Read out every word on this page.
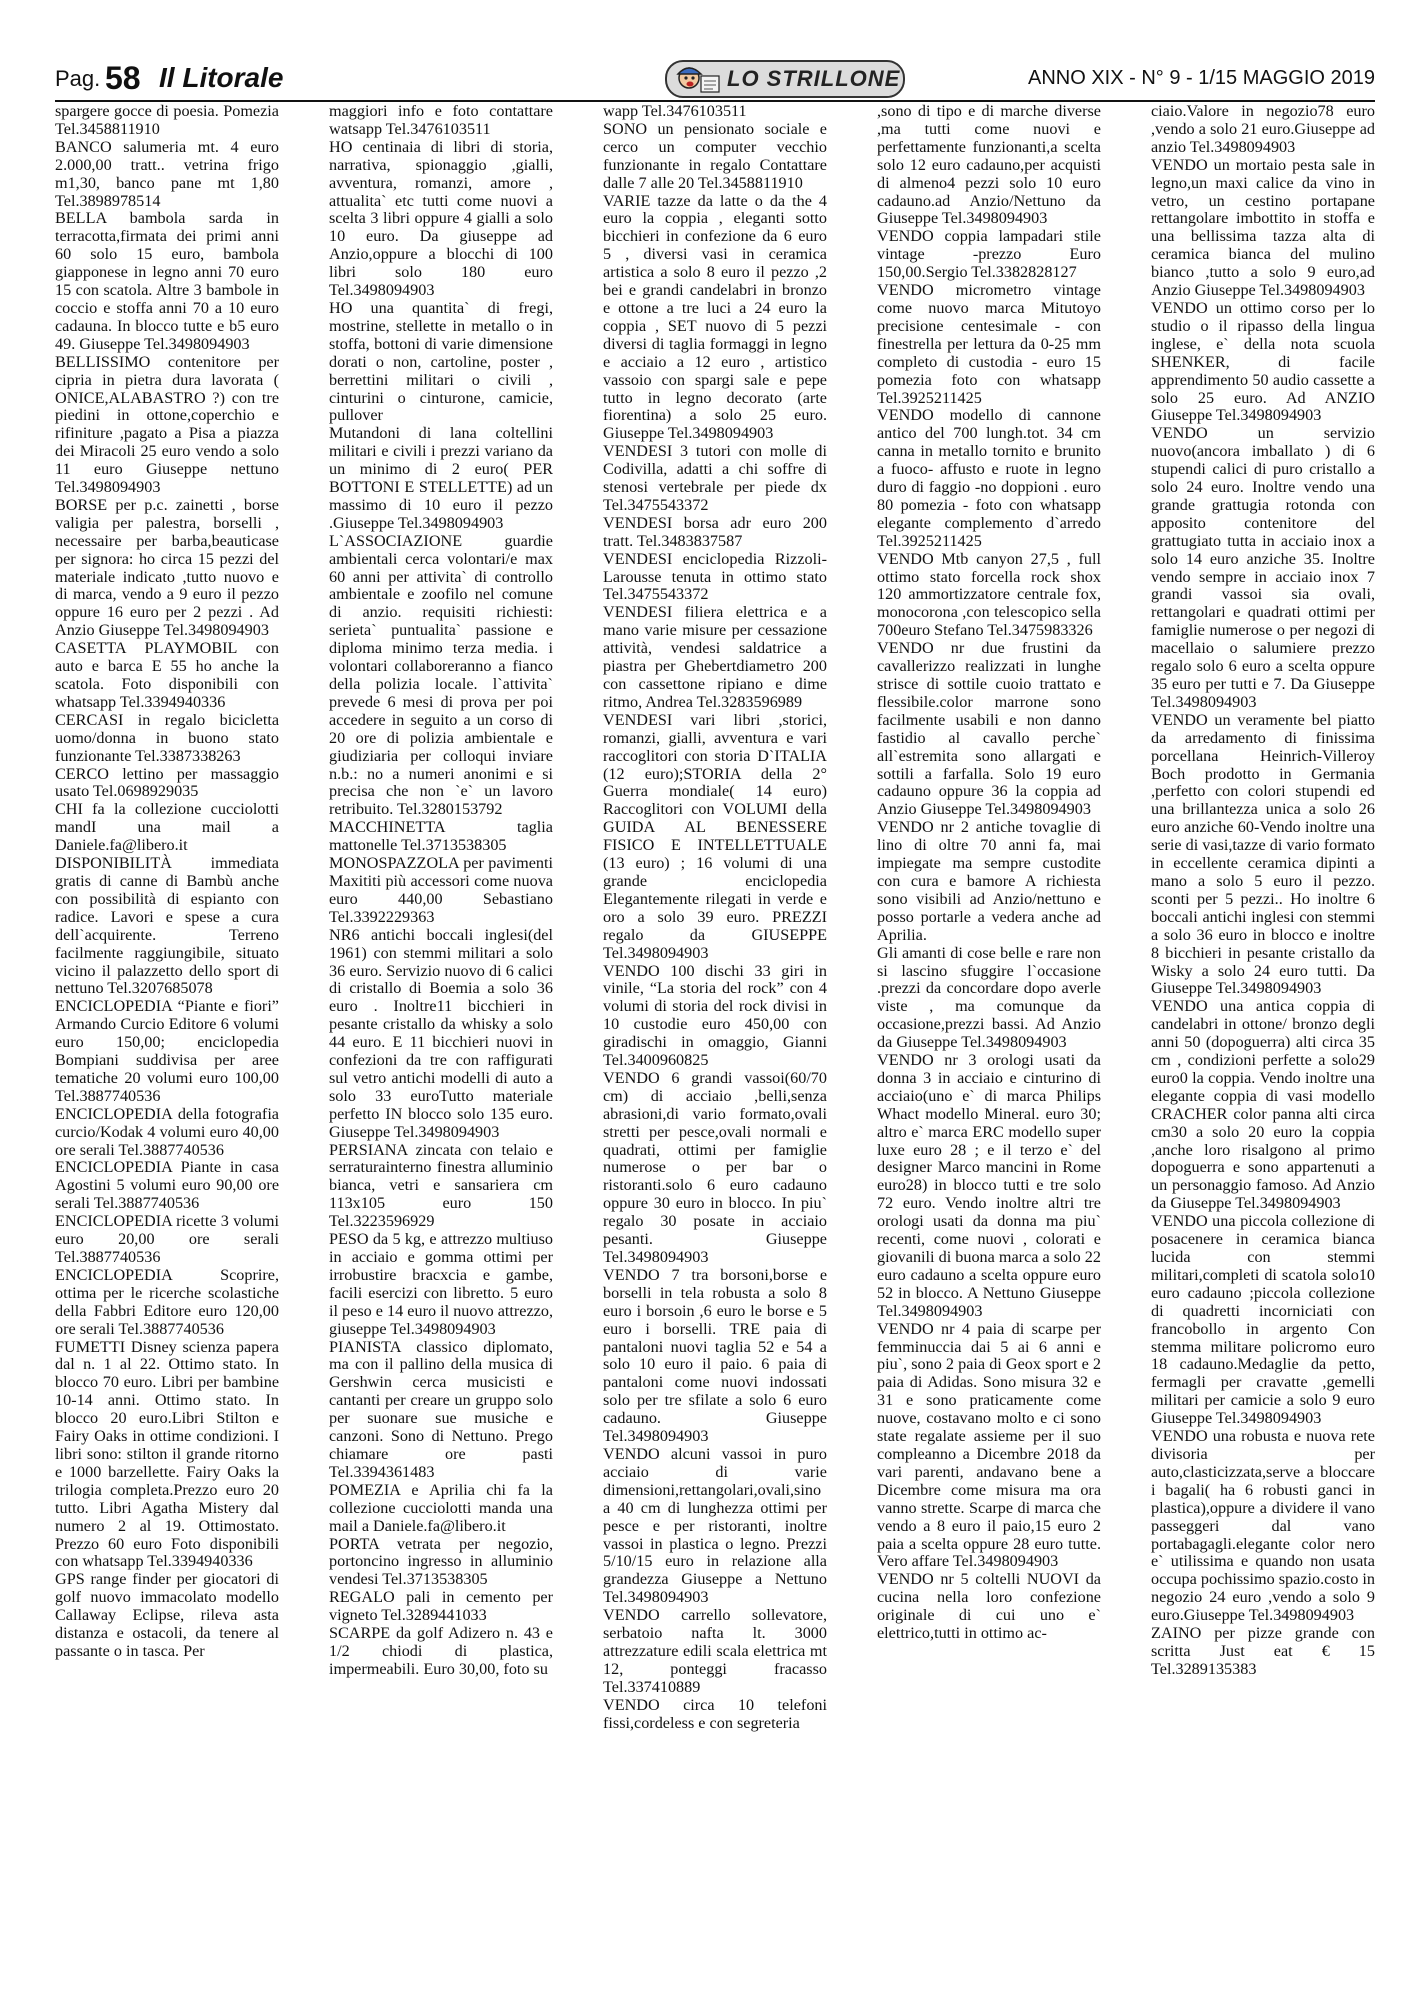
Pag. 58 Il Litorale	LO STRILLONE	ANNO XIX - N° 9 - 1/15 MAGGIO 2019

spargere gocce di poesia. Pomezia Tel.3458811910

BANCO salumeria mt. 4 euro 2.000,00 tratt.. vetrina frigo m1,30, banco pane mt 1,80 Tel.3898978514

BELLA bambola sarda in terracotta,firmata dei primi anni 60 solo 15 euro, bambola giapponese in legno anni 70 euro 15 con scatola. Altre 3 bambole in coccio e stoffa anni 70 a 10 euro cadauna. In blocco tutte e b5 euro 49. Giuseppe Tel.3498094903

BELLISSIMO contenitore per cipria in pietra dura lavorata ( ONICE,ALABASTRO ?) con tre piedini in ottone,coperchio e rifiniture ,pagato a Pisa a piazza dei Miracoli 25 euro vendo a solo 11 euro Giuseppe nettuno Tel.3498094903

BORSE per p.c. zainetti , borse valigia per palestra, borselli , necessaire per barba,beauticase per signora: ho circa 15 pezzi del materiale indicato ,tutto nuovo e di marca, vendo a 9 euro il pezzo oppure 16 euro per 2 pezzi . Ad Anzio Giuseppe Tel.3498094903

CASETTA PLAYMOBIL con auto e barca E 55 ho anche la scatola. Foto disponibili con whatsapp Tel.3394940336

CERCASI in regalo bicicletta uomo/donna in buono stato funzionante Tel.3387338263

CERCO lettino per massaggio usato Tel.0698929035

CHI fa la collezione cucciolotti mandI una mail a Daniele.fa@libero.it

DISPONIBILITÀ immediata gratis di canne di Bambù anche con possibilità di espianto con radice. Lavori e spese a cura dell`acquirente. Terreno facilmente raggiungibile, situato vicino il palazzetto dello sport di nettuno Tel.3207685078

ENCICLOPEDIA “Piante e fiori” Armando Curcio Editore 6 volumi euro 150,00; enciclopedia Bompiani suddivisa per aree tematiche 20 volumi euro 100,00 Tel.3887740536

ENCICLOPEDIA della fotografia curcio/Kodak 4 volumi euro 40,00 ore serali Tel.3887740536

ENCICLOPEDIA Piante in casa Agostini 5 volumi euro 90,00 ore serali Tel.3887740536

ENCICLOPEDIA ricette 3 volumi euro 20,00 ore serali Tel.3887740536

ENCICLOPEDIA Scoprire, ottima per le ricerche scolastiche della Fabbri Editore euro 120,00 ore serali Tel.3887740536

FUMETTI Disney scienza papera dal n. 1 al 22. Ottimo stato. In blocco 70 euro. Libri per bambine 10-14 anni. Ottimo stato. In blocco 20 euro.Libri Stilton e Fairy Oaks in ottime condizioni. I libri sono: stilton il grande ritorno e 1000 barzellette. Fairy Oaks la trilogia completa.Prezzo euro 20 tutto. Libri Agatha Mistery dal numero 2 al 19. Ottimostato. Prezzo 60 euro Foto disponibili con whatsapp Tel.3394940336

GPS range finder per giocatori di golf nuovo immacolato modello Callaway Eclipse, rileva asta distanza e ostacoli, da tenere al passante o in tasca. Per

maggiori info e foto contattare watsapp Tel.3476103511

HO centinaia di libri di storia, narrativa, spionaggio ,gialli, avventura, romanzi, amore , attualita` etc tutti come nuovi a scelta 3 libri oppure 4 gialli a solo 10 euro. Da giuseppe ad Anzio,oppure a blocchi di 100 libri solo 180 euro Tel.3498094903

HO una quantita` di fregi, mostrine, stellette in metallo o in stoffa, bottoni di varie dimensione dorati o non, cartoline, poster , berrettini militari o civili , cinturini o cinturone, camicie, pullover

Mutandoni di lana coltellini militari e civili i prezzi variano da un minimo di 2 euro( PER BOTTONI E STELLETTE) ad un massimo di 10 euro il pezzo .Giuseppe Tel.3498094903

L`ASSOCIAZIONE guardie ambientali cerca volontari/e max 60 anni per attivita` di controllo ambientale e zoofilo nel comune di anzio. requisiti richiesti: serieta` puntualita` passione e diploma minimo terza media. i volontari collaboreranno a fianco della polizia locale. l`attivita` prevede 6 mesi di prova per poi accedere in seguito a un corso di 20 ore di polizia ambientale e giudiziaria per colloqui inviare n.b.: no a numeri anonimi e si precisa che non `e` un lavoro retribuito. Tel.3280153792

MACCHINETTA taglia mattonelle Tel.3713538305

MONOSPAZZOLA per pavimenti Maxititi più accessori come nuova euro 440,00 Sebastiano Tel.3392229363

NR6 antichi boccali inglesi(del 1961) con stemmi militari a solo 36 euro. Servizio nuovo di 6 calici di cristallo di Boemia a solo 36 euro . Inoltre11 bicchieri in pesante cristallo da whisky a solo 44 euro. E 11 bicchieri nuovi in confezioni da tre con raffigurati sul vetro antichi modelli di auto a solo 33 euroTutto materiale perfetto IN blocco solo 135 euro. Giuseppe Tel.3498094903

PERSIANA zincata con telaio e serraturainterno finestra alluminio bianca, vetri e sansariera cm 113x105 euro 150 Tel.3223596929

PESO da 5 kg, e attrezzo multiuso in acciaio e gomma ottimi per irrobustire bracxcia e gambe, facili esercizi con libretto. 5 euro il peso e 14 euro il nuovo attrezzo, giuseppe Tel.3498094903

PIANISTA classico diplomato, ma con il pallino della musica di Gershwin cerca musicisti e cantanti per creare un gruppo solo per suonare sue musiche e canzoni. Sono di Nettuno. Prego chiamare ore pasti Tel.3394361483

POMEZIA e Aprilia chi fa la collezione cucciolotti manda una mail a Daniele.fa@libero.it

PORTA vetrata per negozio, portoncino ingresso in alluminio vendesi Tel.3713538305

REGALO pali in cemento per vigneto Tel.3289441033

SCARPE da golf Adizero n. 43 e 1/2 chiodi di plastica, impermeabili. Euro 30,00, foto su

wapp Tel.3476103511

SONO un pensionato sociale e cerco un computer vecchio funzionante in regalo Contattare dalle 7 alle 20 Tel.3458811910

VARIE tazze da latte o da the 4 euro la coppia , eleganti sotto bicchieri in confezione da 6 euro 5 , diversi vasi in ceramica artistica a solo 8 euro il pezzo ,2 bei e grandi candelabri in bronzo e ottone a tre luci a 24 euro la coppia , SET nuovo di 5 pezzi diversi di taglia formaggi in legno e acciaio a 12 euro , artistico vassoio con spargi sale e pepe tutto in legno decorato (arte fiorentina) a solo 25 euro. Giuseppe Tel.3498094903

VENDESI 3 tutori con molle di Codivilla, adatti a chi soffre di stenosi vertebrale per piede dx Tel.3475543372

VENDESI borsa adr euro 200 tratt. Tel.3483837587

VENDESI enciclopedia Rizzoli-Larousse tenuta in ottimo stato Tel.3475543372

VENDESI filiera elettrica e a mano varie misure per cessazione attività, vendesi saldatrice a piastra per Ghebertdiametro 200 con cassettone ripiano e dime ritmo, Andrea Tel.3283596989

VENDESI vari libri ,storici, romanzi, gialli, avventura e vari raccoglitori con storia D`ITALIA (12 euro);STORIA della 2° Guerra mondiale( 14 euro) Raccoglitori con VOLUMI della GUIDA AL BENESSERE FISICO E INTELLETTUALE (13 euro) ; 16 volumi di una grande enciclopedia Elegantemente rilegati in verde e oro a solo 39 euro. PREZZI regalo da GIUSEPPE Tel.3498094903

VENDO 100 dischi 33 giri in vinile, “La storia del rock” con 4 volumi di storia del rock divisi in 10 custodie euro 450,00 con giradischi in omaggio, Gianni Tel.3400960825

VENDO 6 grandi vassoi(60/70 cm) di acciaio ,belli,senza abrasioni,di vario formato,ovali stretti per pesce,ovali normali e quadrati, ottimi per famiglie numerose o per bar o ristoranti.solo 6 euro cadauno oppure 30 euro in blocco. In piu` regalo 30 posate in acciaio pesanti. Giuseppe Tel.3498094903

VENDO 7 tra borsoni,borse e borselli in tela robusta a solo 8 euro i borsoin ,6 euro le borse e 5 euro i borselli. TRE paia di pantaloni nuovi taglia 52 e 54 a solo 10 euro il paio. 6 paia di pantaloni come nuovi indossati solo per tre sfilate a solo 6 euro cadauno. Giuseppe Tel.3498094903

VENDO alcuni vassoi in puro acciaio di varie dimensioni,rettangolari,ovali,sino a 40 cm di lunghezza ottimi per pesce e per ristoranti, inoltre vassoi in plastica o legno. Prezzi 5/10/15 euro in relazione alla grandezza Giuseppe a Nettuno Tel.3498094903

VENDO carrello sollevatore, serbatoio nafta lt. 3000 attrezzature edili scala elettrica mt 12, ponteggi fracasso Tel.337410889

VENDO circa 10 telefoni fissi,cordeless e con segreteria

,sono di tipo e di marche diverse ,ma tutti come nuovi e perfettamente funzionanti,a scelta solo 12 euro cadauno,per acquisti di almeno4 pezzi solo 10 euro cadauno.ad Anzio/Nettuno da Giuseppe Tel.3498094903

VENDO coppia lampadari stile vintage -prezzo Euro 150,00.Sergio Tel.3382828127

VENDO micrometro vintage come nuovo marca Mitutoyo precisione centesimale - con finestrella per lettura da 0-25 mm completo di custodia - euro 15 pomezia foto con whatsapp Tel.3925211425

VENDO modello di cannone antico del 700 lungh.tot. 34 cm canna in metallo tornito e brunito a fuoco- affusto e ruote in legno duro di faggio -no doppioni . euro 80 pomezia - foto con whatsapp elegante complemento d`arredo Tel.3925211425

VENDO Mtb canyon 27,5 , full ottimo stato forcella rock shox 120 ammortizzatore centrale fox, monocorona ,con telescopico sella 700euro Stefano Tel.3475983326

VENDO nr due frustini da cavallerizzo realizzati in lunghe strisce di sottile cuoio trattato e flessibile.color marrone sono facilmente usabili e non danno fastidio al cavallo perche` all`estremita sono allargati e sottili a farfalla. Solo 19 euro cadauno oppure 36 la coppia ad Anzio Giuseppe Tel.3498094903

VENDO nr 2 antiche tovaglie di lino di oltre 70 anni fa, mai impiegate ma sempre custodite con cura e bamore A richiesta sono visibili ad Anzio/nettuno e posso portarle a vedera anche ad Aprilia.

Gli amanti di cose belle e rare non si lascino sfuggire l`occasione .prezzi da concordare dopo averle viste , ma comunque da occasione,prezzi bassi. Ad Anzio da Giuseppe Tel.3498094903

VENDO nr 3 orologi usati da donna 3 in acciaio e cinturino di acciaio(uno e` di marca Philips Whact modello Mineral. euro 30; altro e` marca ERC modello super luxe euro 28 ; e il terzo e` del designer Marco mancini in Rome euro28) in blocco tutti e tre solo 72 euro. Vendo inoltre altri tre orologi usati da donna ma piu` recenti, come nuovi , colorati e giovanili di buona marca a solo 22 euro cadauno a scelta oppure euro 52 in blocco. A Nettuno Giuseppe Tel.3498094903

VENDO nr 4 paia di scarpe per femminuccia dai 5 ai 6 anni e piu`, sono 2 paia di Geox sport e 2 paia di Adidas. Sono misura 32 e 31 e sono praticamente come nuove, costavano molto e ci sono state regalate assieme per il suo compleanno a Dicembre 2018 da vari parenti, andavano bene a Dicembre come misura ma ora vanno strette. Scarpe di marca che vendo a 8 euro il paio,15 euro 2 paia a scelta oppure 28 euro tutte. Vero affare Tel.3498094903

VENDO nr 5 coltelli NUOVI da cucina nella loro confezione originale di cui uno e` elettrico,tutti in ottimo ac-

ciaio.Valore in negozio78 euro ,vendo a solo 21 euro.Giuseppe ad anzio Tel.3498094903

VENDO un mortaio pesta sale in legno,un maxi calice da vino in vetro, un cestino portapane rettangolare imbottito in stoffa e una bellissima tazza alta di ceramica bianca del mulino bianco ,tutto a solo 9 euro,ad Anzio Giuseppe Tel.3498094903

VENDO un ottimo corso per lo studio o il ripasso della lingua inglese, e` della nota scuola SHENKER, di facile apprendimento 50 audio cassette a solo 25 euro. Ad ANZIO Giuseppe Tel.3498094903

VENDO un servizio nuovo(ancora imballato ) di 6 stupendi calici di puro cristallo a solo 24 euro. Inoltre vendo una grande grattugia rotonda con apposito contenitore del grattugiato tutta in acciaio inox a solo 14 euro anziche 35. Inoltre vendo sempre in acciaio inox 7 grandi vassoi sia ovali, rettangolari e quadrati ottimi per famiglie numerose o per negozi di macellaio o salumiere prezzo regalo solo 6 euro a scelta oppure 35 euro per tutti e 7. Da Giuseppe Tel.3498094903

VENDO un veramente bel piatto da arredamento di finissima porcellana Heinrich-Villeroy Boch prodotto in Germania ,perfetto con colori stupendi ed una brillantezza unica a solo 26 euro anziche 60-Vendo inoltre una serie di vasi,tazze di vario formato in eccellente ceramica dipinti a mano a solo 5 euro il pezzo. sconti per 5 pezzi.. Ho inoltre 6 boccali antichi inglesi con stemmi a solo 36 euro in blocco e inoltre 8 bicchieri in pesante cristallo da Wisky a solo 24 euro tutti. Da Giuseppe Tel.3498094903

VENDO una antica coppia di candelabri in ottone/ bronzo degli anni 50 (dopoguerra) alti circa 35 cm , condizioni perfette a solo29 euro0 la coppia. Vendo inoltre una elegante coppia di vasi modello CRACHER color panna alti circa cm30 a solo 20 euro la coppia ,anche loro risalgono al primo dopoguerra e sono appartenuti a un personaggio famoso. Ad Anzio da Giuseppe Tel.3498094903

VENDO una piccola collezione di posacenere in ceramica bianca lucida con stemmi militari,completi di scatola solo10 euro cadauno ;piccola collezione di quadretti incorniciati con francobollo in argento Con stemma militare policromo euro 18 cadauno.Medaglie da petto, fermagli per cravatte ,gemelli militari per camicie a solo 9 euro Giuseppe Tel.3498094903

VENDO una robusta e nuova rete divisoria per auto,clasticizzata,serve a bloccare i bagali( ha 6 robusti ganci in plastica),oppure a dividere il vano passeggeri dal vano portabagagli.elegante color nero e` utilissima e quando non usata occupa pochissimo spazio.costo in negozio 24 euro ,vendo a solo 9 euro.Giuseppe Tel.3498094903

ZAINO per pizze grande con scritta Just eat € 15 Tel.3289135383
